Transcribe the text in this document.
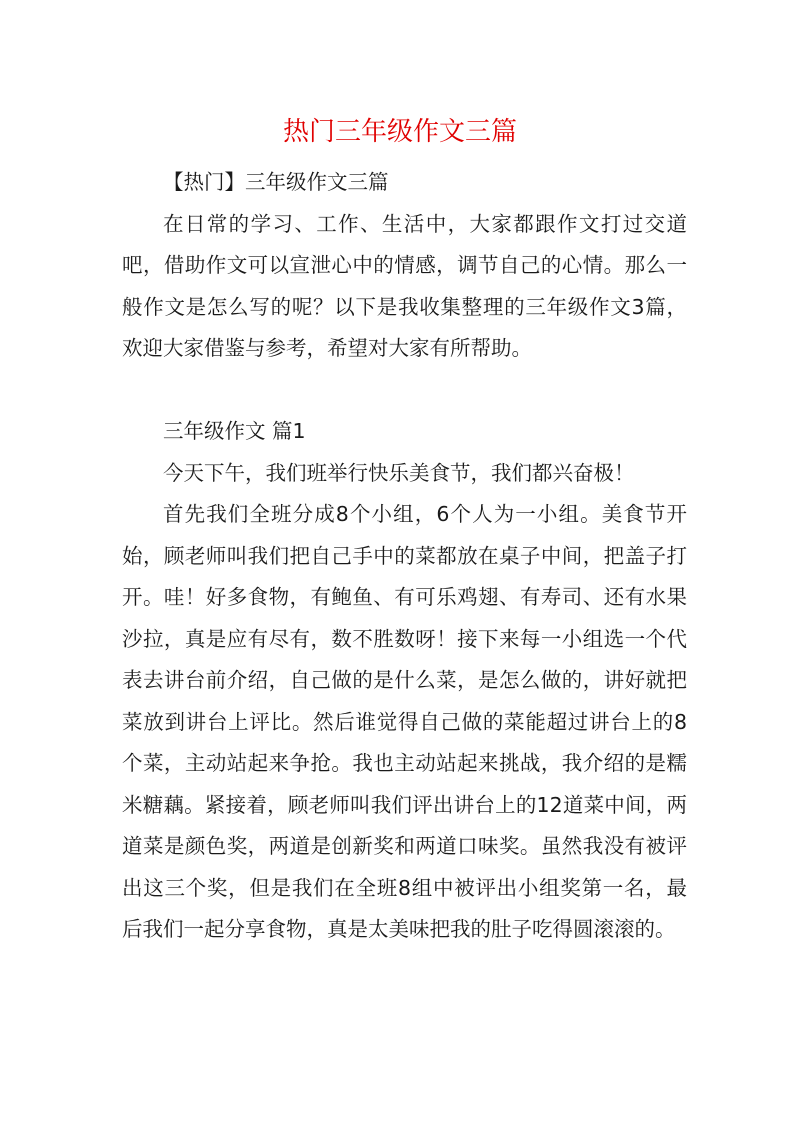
热门三年级作文三篇

【热门】三年级作文三篇

在日常的学习、工作、生活中，大家都跟作文打过交道吧，借助作文可以宣泄心中的情感，调节自己的心情。那么一般作文是怎么写的呢？以下是我收集整理的三年级作文3篇，欢迎大家借鉴与参考，希望对大家有所帮助。

三年级作文 篇1

今天下午，我们班举行快乐美食节，我们都兴奋极！

首先我们全班分成8个小组，6个人为一小组。美食节开始，顾老师叫我们把自己手中的菜都放在桌子中间，把盖子打开。哇！好多食物，有鲍鱼、有可乐鸡翅、有寿司、还有水果沙拉，真是应有尽有，数不胜数呀！接下来每一小组选一个代表去讲台前介绍，自己做的是什么菜，是怎么做的，讲好就把菜放到讲台上评比。然后谁觉得自己做的菜能超过讲台上的8个菜，主动站起来争抢。我也主动站起来挑战，我介绍的是糯米糖藕。紧接着，顾老师叫我们评出讲台上的12道菜中间，两道菜是颜色奖，两道是创新奖和两道口味奖。虽然我没有被评出这三个奖，但是我们在全班8组中被评出小组奖第一名，最后我们一起分享食物，真是太美味把我的肚子吃得圆滚滚的。
